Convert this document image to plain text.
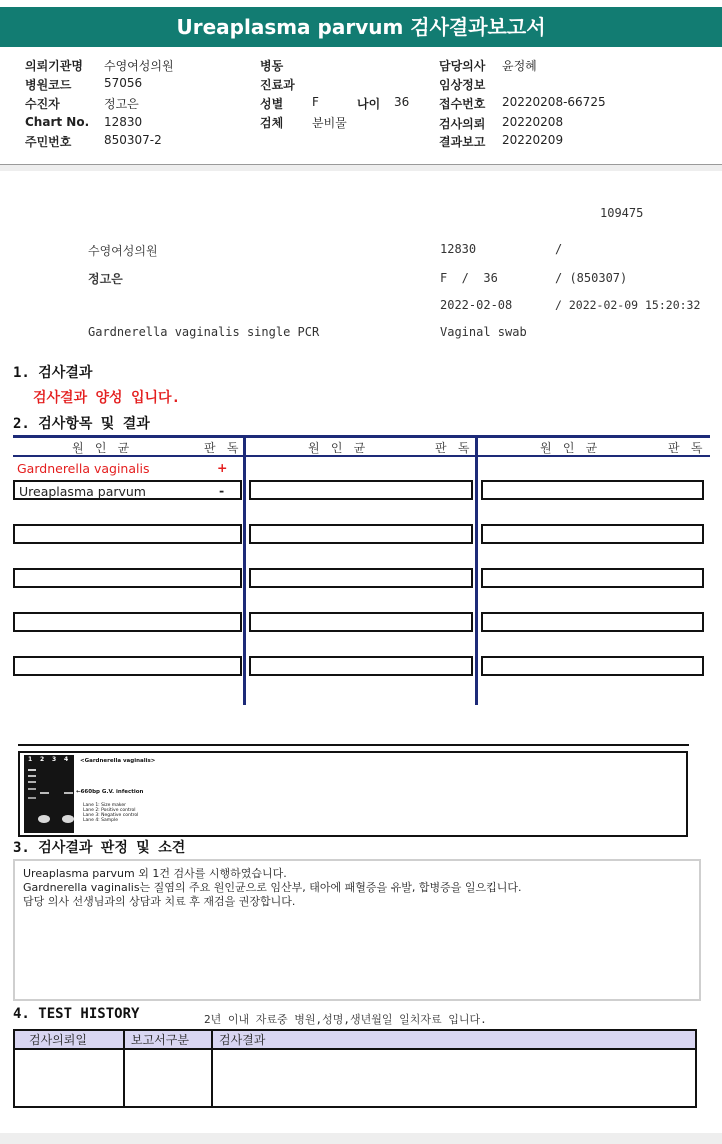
Ureaplasma parvum 검사결과보고서
의뢰기관명 수영여성의원
병원코드	57056
수진자	정고은
Chart No. 12830
주민번호	850307-2
병동
진료과
성별 F	나이 36
검체 분비물
담당의사 윤정혜
임상정보
접수번호 20220208-66725
검사의뢰 20220208
결과보고 20220209
109475
수영여성의원	12830	/
정고은	F  /  36	/ (850307)
2022-02-08	/ 2022-02-09 15:20:32
Gardnerella vaginalis single PCR	Vaginal swab
1. 검사결과
검사결과 양성 입니다.
2. 검사항목 및 결과
원 인 균	판 독	원 인 균	판 독	원 인 균	판 독
Gardnerella vaginalis	+
Ureaplasma parvum	-
1 2 3 4 <Gardnerella vaginalis>
←660bp G.V. infection
Lane 1: Size maker
Lane 2: Positive control
Lane 3: Negative control
Lane 4: Sample
3. 검사결과 판정 및 소견
Ureaplasma parvum 외 1건 검사를 시행하였습니다.
Gardnerella vaginalis는 질염의 주요 원인균으로 임산부, 태아에 패혈증을 유발, 합병증을 일으킵니다.
담당 의사 선생님과의 상담과 치료 후 재검을 권장합니다.
4. TEST HISTORY	2년 이내 자료중 병원,성명,생년월일 일치자료 입니다.
검사의뢰일	보고서구분	검사결과
